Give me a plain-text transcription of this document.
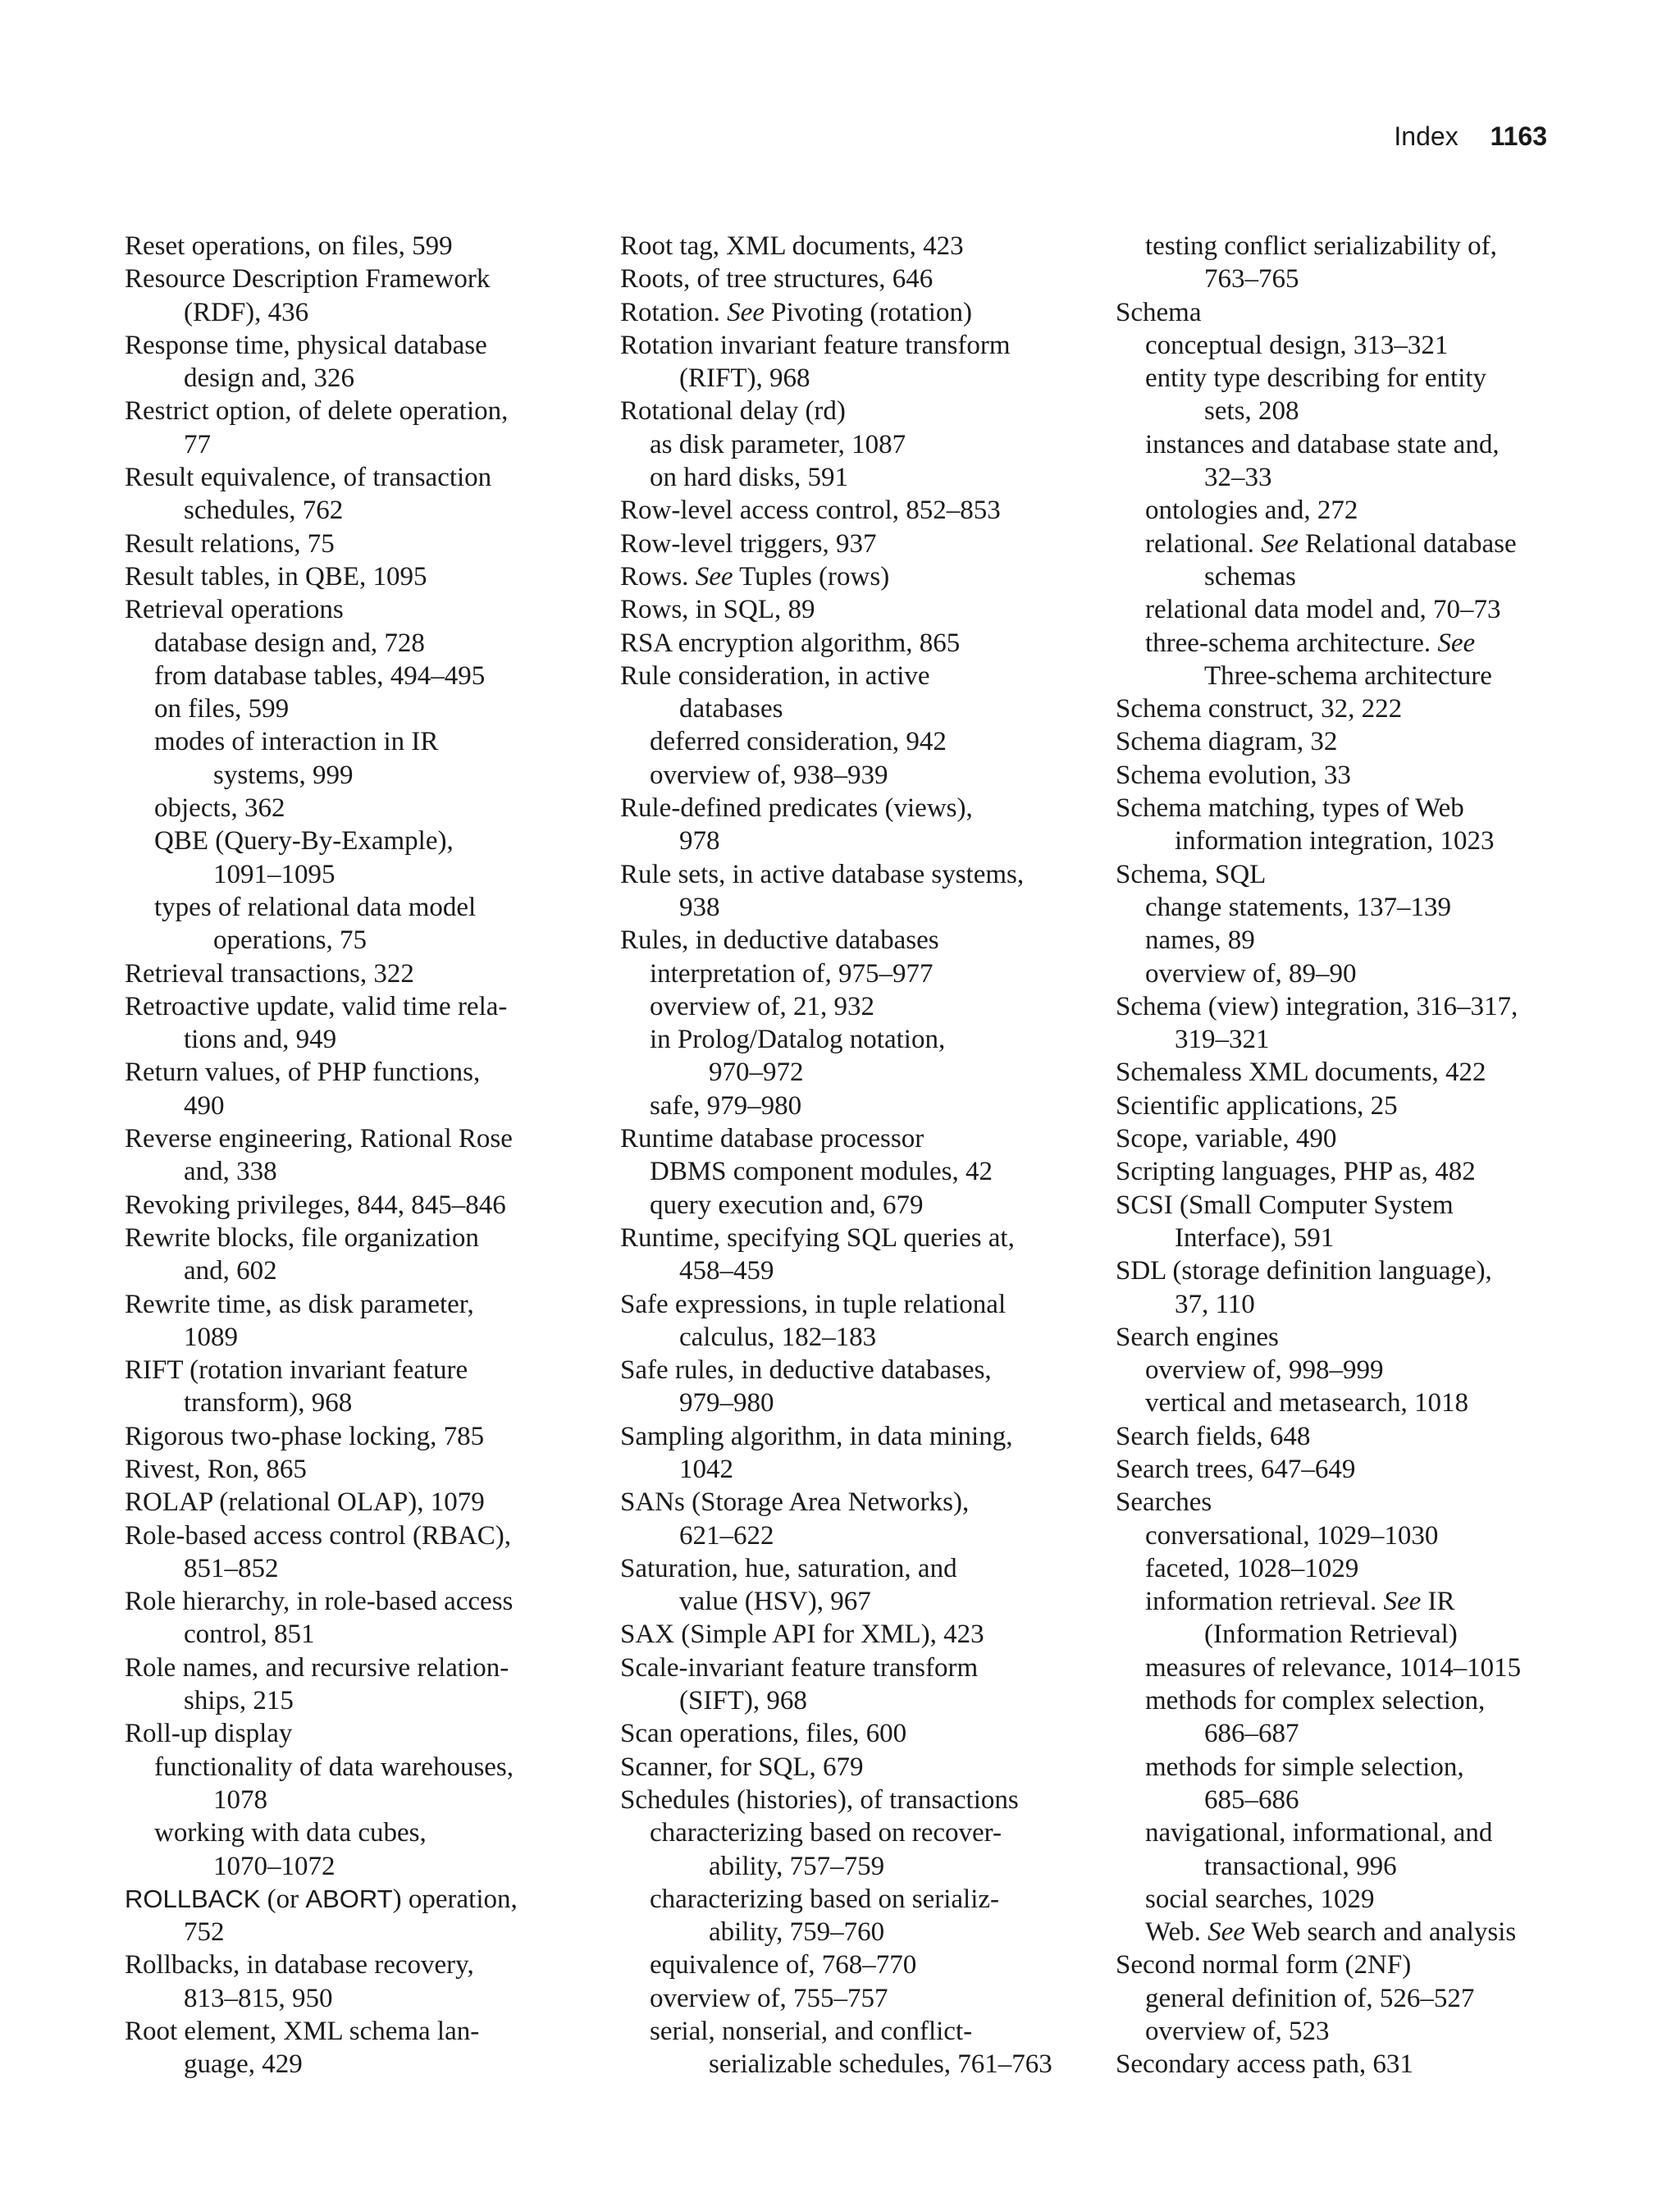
Index 1163
Reset operations, on files, 599
Resource Description Framework
(RDF), 436
Response time, physical database
design and, 326
Restrict option, of delete operation,
77
Result equivalence, of transaction
schedules, 762
Result relations, 75
Result tables, in QBE, 1095
Retrieval operations
database design and, 728
from database tables, 494–495
on files, 599
modes of interaction in IR
systems, 999
objects, 362
QBE (Query-By-Example),
1091–1095
types of relational data model
operations, 75
Retrieval transactions, 322
Retroactive update, valid time rela-
tions and, 949
Return values, of PHP functions,
490
Reverse engineering, Rational Rose
and, 338
Revoking privileges, 844, 845–846
Rewrite blocks, file organization
and, 602
Rewrite time, as disk parameter,
1089
RIFT (rotation invariant feature
transform), 968
Rigorous two-phase locking, 785
Rivest, Ron, 865
ROLAP (relational OLAP), 1079
Role-based access control (RBAC),
851–852
Role hierarchy, in role-based access
control, 851
Role names, and recursive relation-
ships, 215
Roll-up display
functionality of data warehouses,
1078
working with data cubes,
1070–1072
ROLLBACK (or ABORT) operation,
752
Rollbacks, in database recovery,
813–815, 950
Root element, XML schema lan-
guage, 429
Root tag, XML documents, 423
Roots, of tree structures, 646
Rotation. See Pivoting (rotation)
Rotation invariant feature transform
(RIFT), 968
Rotational delay (rd)
as disk parameter, 1087
on hard disks, 591
Row-level access control, 852–853
Row-level triggers, 937
Rows. See Tuples (rows)
Rows, in SQL, 89
RSA encryption algorithm, 865
Rule consideration, in active
databases
deferred consideration, 942
overview of, 938–939
Rule-defined predicates (views),
978
Rule sets, in active database systems,
938
Rules, in deductive databases
interpretation of, 975–977
overview of, 21, 932
in Prolog/Datalog notation,
970–972
safe, 979–980
Runtime database processor
DBMS component modules, 42
query execution and, 679
Runtime, specifying SQL queries at,
458–459
Safe expressions, in tuple relational
calculus, 182–183
Safe rules, in deductive databases,
979–980
Sampling algorithm, in data mining,
1042
SANs (Storage Area Networks),
621–622
Saturation, hue, saturation, and
value (HSV), 967
SAX (Simple API for XML), 423
Scale-invariant feature transform
(SIFT), 968
Scan operations, files, 600
Scanner, for SQL, 679
Schedules (histories), of transactions
characterizing based on recover-
ability, 757–759
characterizing based on serializ-
ability, 759–760
equivalence of, 768–770
overview of, 755–757
serial, nonserial, and conflict-
serializable schedules, 761–763
testing conflict serializability of,
763–765
Schema
conceptual design, 313–321
entity type describing for entity
sets, 208
instances and database state and,
32–33
ontologies and, 272
relational. See Relational database
schemas
relational data model and, 70–73
three-schema architecture. See
Three-schema architecture
Schema construct, 32, 222
Schema diagram, 32
Schema evolution, 33
Schema matching, types of Web
information integration, 1023
Schema, SQL
change statements, 137–139
names, 89
overview of, 89–90
Schema (view) integration, 316–317,
319–321
Schemaless XML documents, 422
Scientific applications, 25
Scope, variable, 490
Scripting languages, PHP as, 482
SCSI (Small Computer System
Interface), 591
SDL (storage definition language),
37, 110
Search engines
overview of, 998–999
vertical and metasearch, 1018
Search fields, 648
Search trees, 647–649
Searches
conversational, 1029–1030
faceted, 1028–1029
information retrieval. See IR
(Information Retrieval)
measures of relevance, 1014–1015
methods for complex selection,
686–687
methods for simple selection,
685–686
navigational, informational, and
transactional, 996
social searches, 1029
Web. See Web search and analysis
Second normal form (2NF)
general definition of, 526–527
overview of, 523
Secondary access path, 631
